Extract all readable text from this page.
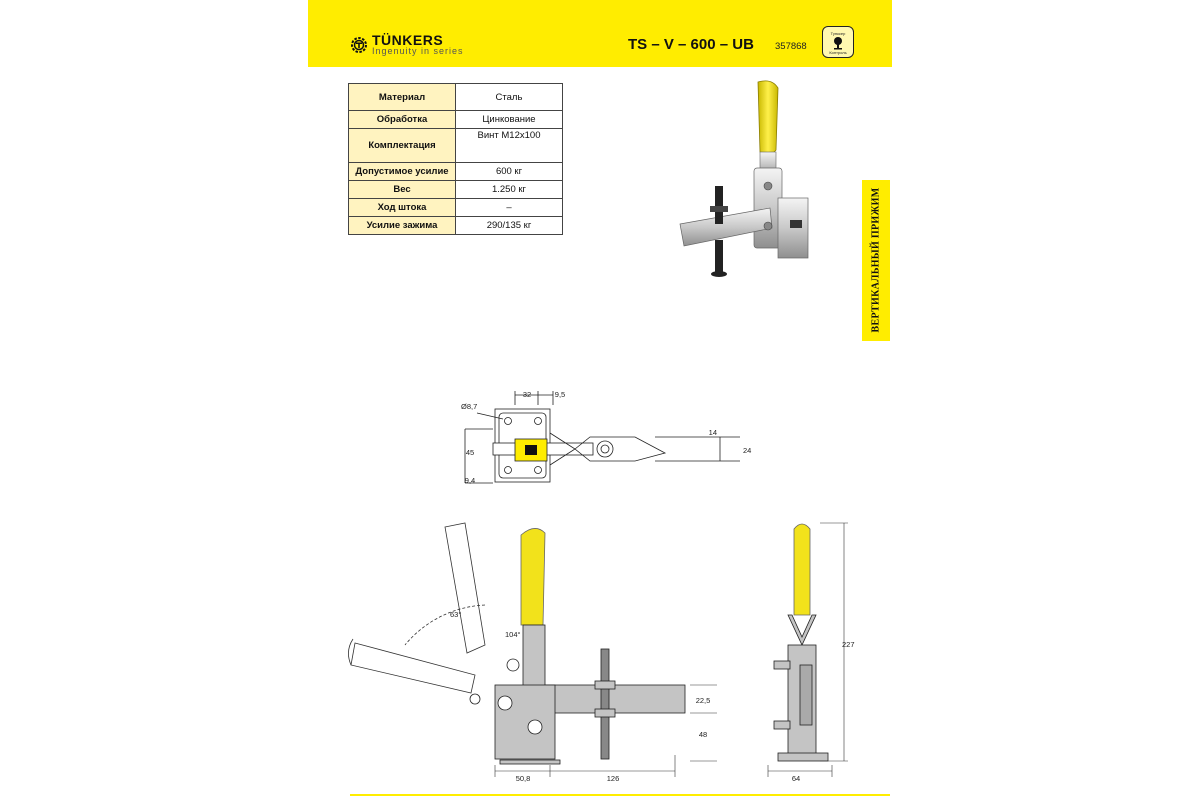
TÜNKERS
Ingenuity in series	TS – V – 600 – UB 357868
Тунксер
Контроль
Материал	Сталь
Обработка	Цинкование
Комплектация	Винт М12х100
Допустимое усилие	600 кг
Вес	1.250 кг
Ход штока	–
Усилие зажима	290/135 кг	ВЕРТИКАЛЬНЫЙ ПРИЖИМ
32	9,5
Ø8,7
45
9,4
14
24
63°
104°
22,5
48
50,8	126
227
64
